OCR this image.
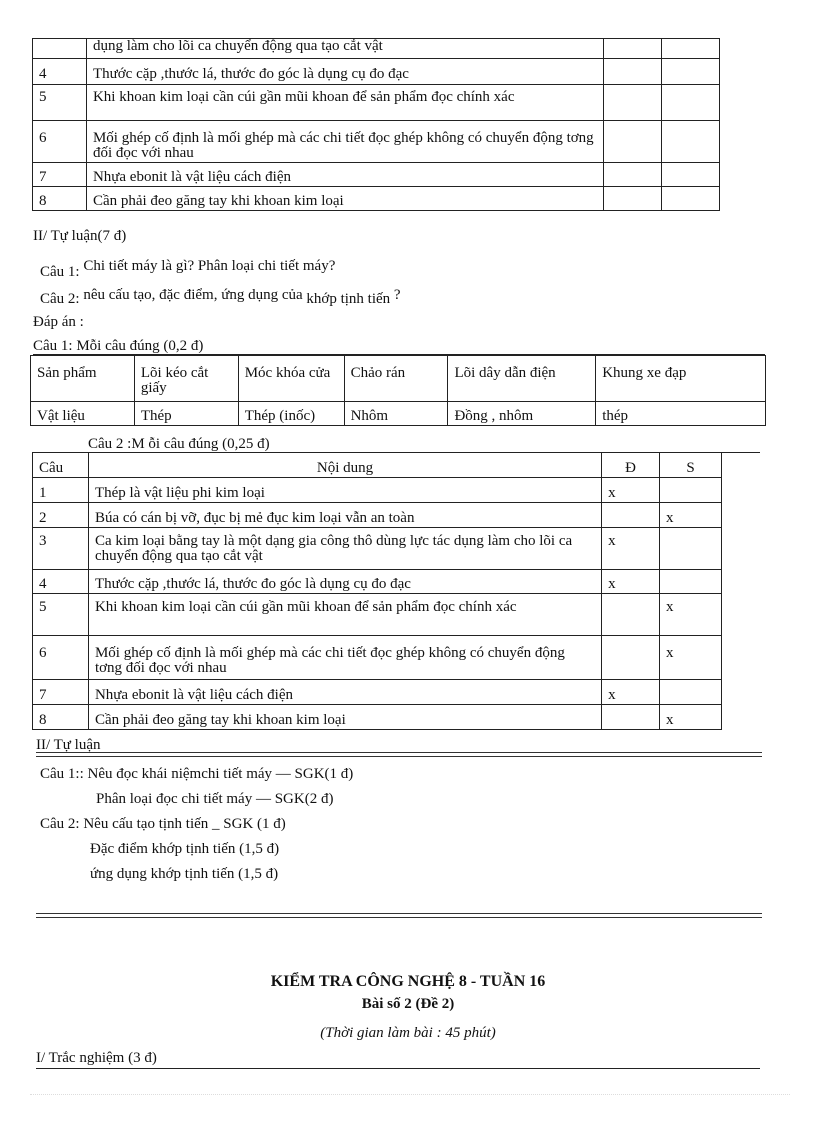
	dụng làm cho lõi ca chuyển động qua tạo cắt vật		
4	Thước cặp ,thước lá, thước đo góc là dụng cụ đo đạc		
5	Khi khoan kim loại cần cúi gần mũi khoan để sản phẩm đọc chính xác		
6	Mối ghép cố định là mối ghép mà các chi tiết đọc ghép không có chuyển động tơng đối đọc với nhau		
7	Nhựa ebonit là vật liệu cách điện		
8	Cần phải đeo găng tay khi khoan kim loại		
II/ Tự luận(7 đ)
Câu 1: Chi tiết máy là gì? Phân loại chi tiết máy?
Câu 2: nêu cấu tạo, đặc điểm, ứng dụng của khớp tịnh tiến ?
Đáp án :
Câu 1: Mỗi câu đúng (0,2 đ)
Sản phẩm	Lõi kéo cắt giấy	Móc khóa cửa	Chảo rán	Lõi dây dẫn điện	Khung xe đạp
Vật liệu	Thép	Thép (inốc)	Nhôm	Đồng , nhôm	thép
Câu 2 :M ỗi câu đúng (0,25 đ)
Câu	Nội dung	Đ	S
1	Thép là vật liệu phi kim loại	x	
2	Búa có cán bị vỡ, đục bị mẻ đục kim loại vẫn an toàn		x
3	Ca kim loại bằng tay là một dạng gia công thô dùng lực tác dụng làm cho lõi ca chuyển động qua tạo cắt vật	x	
4	Thước cặp ,thước lá, thước đo góc là dụng cụ đo đạc	x	
5	Khi khoan kim loại cần cúi gần mũi khoan để sản phẩm đọc chính xác		x
6	Mối ghép cố định là mối ghép mà các chi tiết đọc ghép không có chuyển động tơng đối đọc với nhau		x
7	Nhựa ebonit là vật liệu cách điện	x	
8	Cần phải đeo găng tay khi khoan kim loại		x
II/ Tự luận
Câu 1:: Nêu đọc khái niệmchi tiết máy — SGK(1 đ)
Phân loại đọc chi tiết máy — SGK(2 đ)
Câu 2: Nêu cấu tạo tịnh tiến _ SGK (1 đ)
Đặc điểm khớp tịnh tiến (1,5 đ)
ứng dụng khớp tịnh tiến (1,5 đ)
KIỂM TRA CÔNG NGHỆ 8 - TUẦN 16
Bài số 2 (Đề 2)
(Thời gian làm bài : 45 phút)
I/ Trắc nghiệm (3 đ)
